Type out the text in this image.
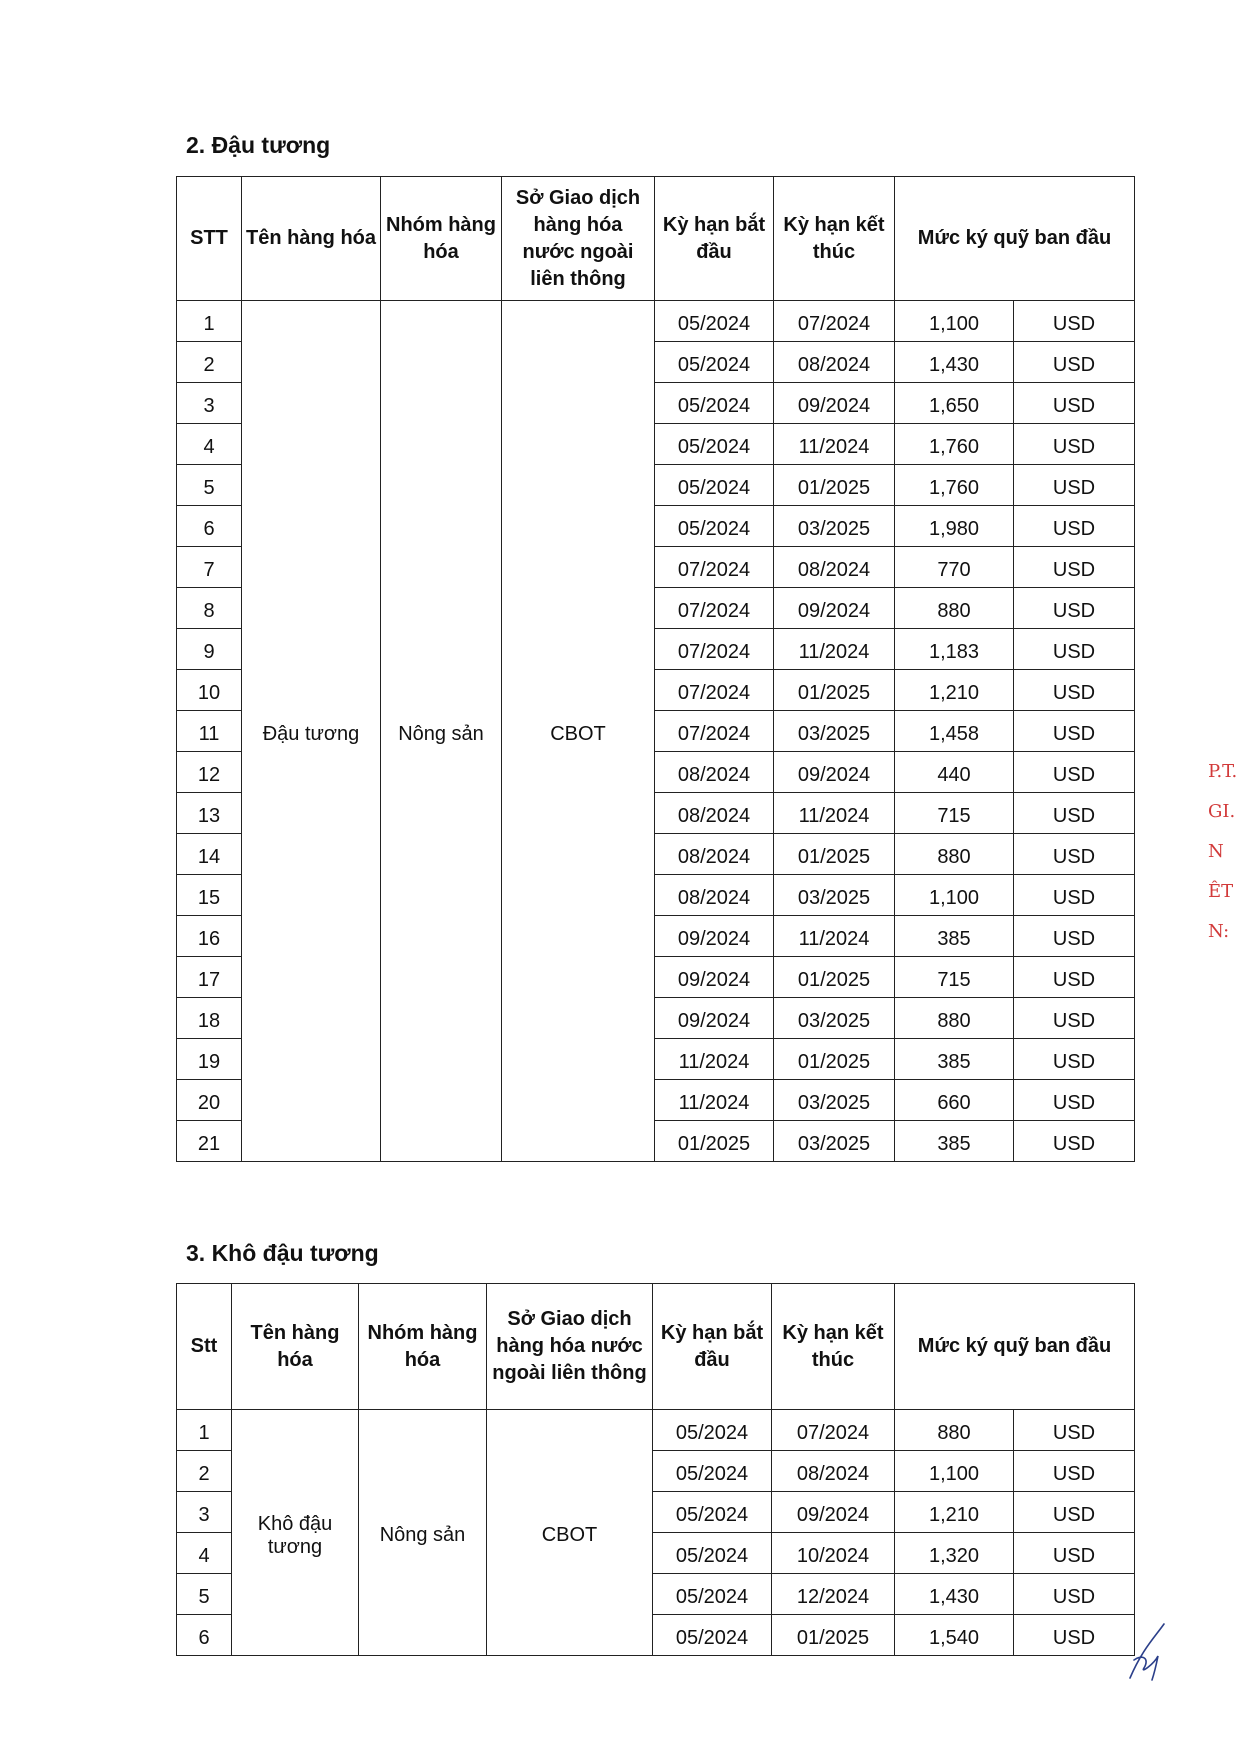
2. Đậu tương
STT	Tên hàng hóa	Nhóm hàng hóa	Sở Giao dịch hàng hóa nước ngoài liên thông	Kỳ hạn bắt đầu	Kỳ hạn kết thúc	Mức ký quỹ ban đầu	
1	Đậu tương	Nông sản	CBOT	05/2024	07/2024	1,100	USD
2				05/2024	08/2024	1,430	USD
3				05/2024	09/2024	1,650	USD
4				05/2024	11/2024	1,760	USD
5				05/2024	01/2025	1,760	USD
6				05/2024	03/2025	1,980	USD
7				07/2024	08/2024	770	USD
8				07/2024	09/2024	880	USD
9				07/2024	11/2024	1,183	USD
10				07/2024	01/2025	1,210	USD
11				07/2024	03/2025	1,458	USD
12				08/2024	09/2024	440	USD
13				08/2024	11/2024	715	USD
14				08/2024	01/2025	880	USD
15				08/2024	03/2025	1,100	USD
16				09/2024	11/2024	385	USD
17				09/2024	01/2025	715	USD
18				09/2024	03/2025	880	USD
19				11/2024	01/2025	385	USD
20				11/2024	03/2025	660	USD
21				01/2025	03/2025	385	USD
3. Khô đậu tương
Stt	Tên hàng hóa	Nhóm hàng hóa	Sở Giao dịch hàng hóa nước ngoài liên thông	Kỳ hạn bắt đầu	Kỳ hạn kết thúc	Mức ký quỹ ban đầu	
1	Khô đậu tương	Nông sản	CBOT	05/2024	07/2024	880	USD
2				05/2024	08/2024	1,100	USD
3				05/2024	09/2024	1,210	USD
4				05/2024	10/2024	1,320	USD
5				05/2024	12/2024	1,430	USD
6				05/2024	01/2025	1,540	USD
P.T.
GI.
N
ÊT
N:
